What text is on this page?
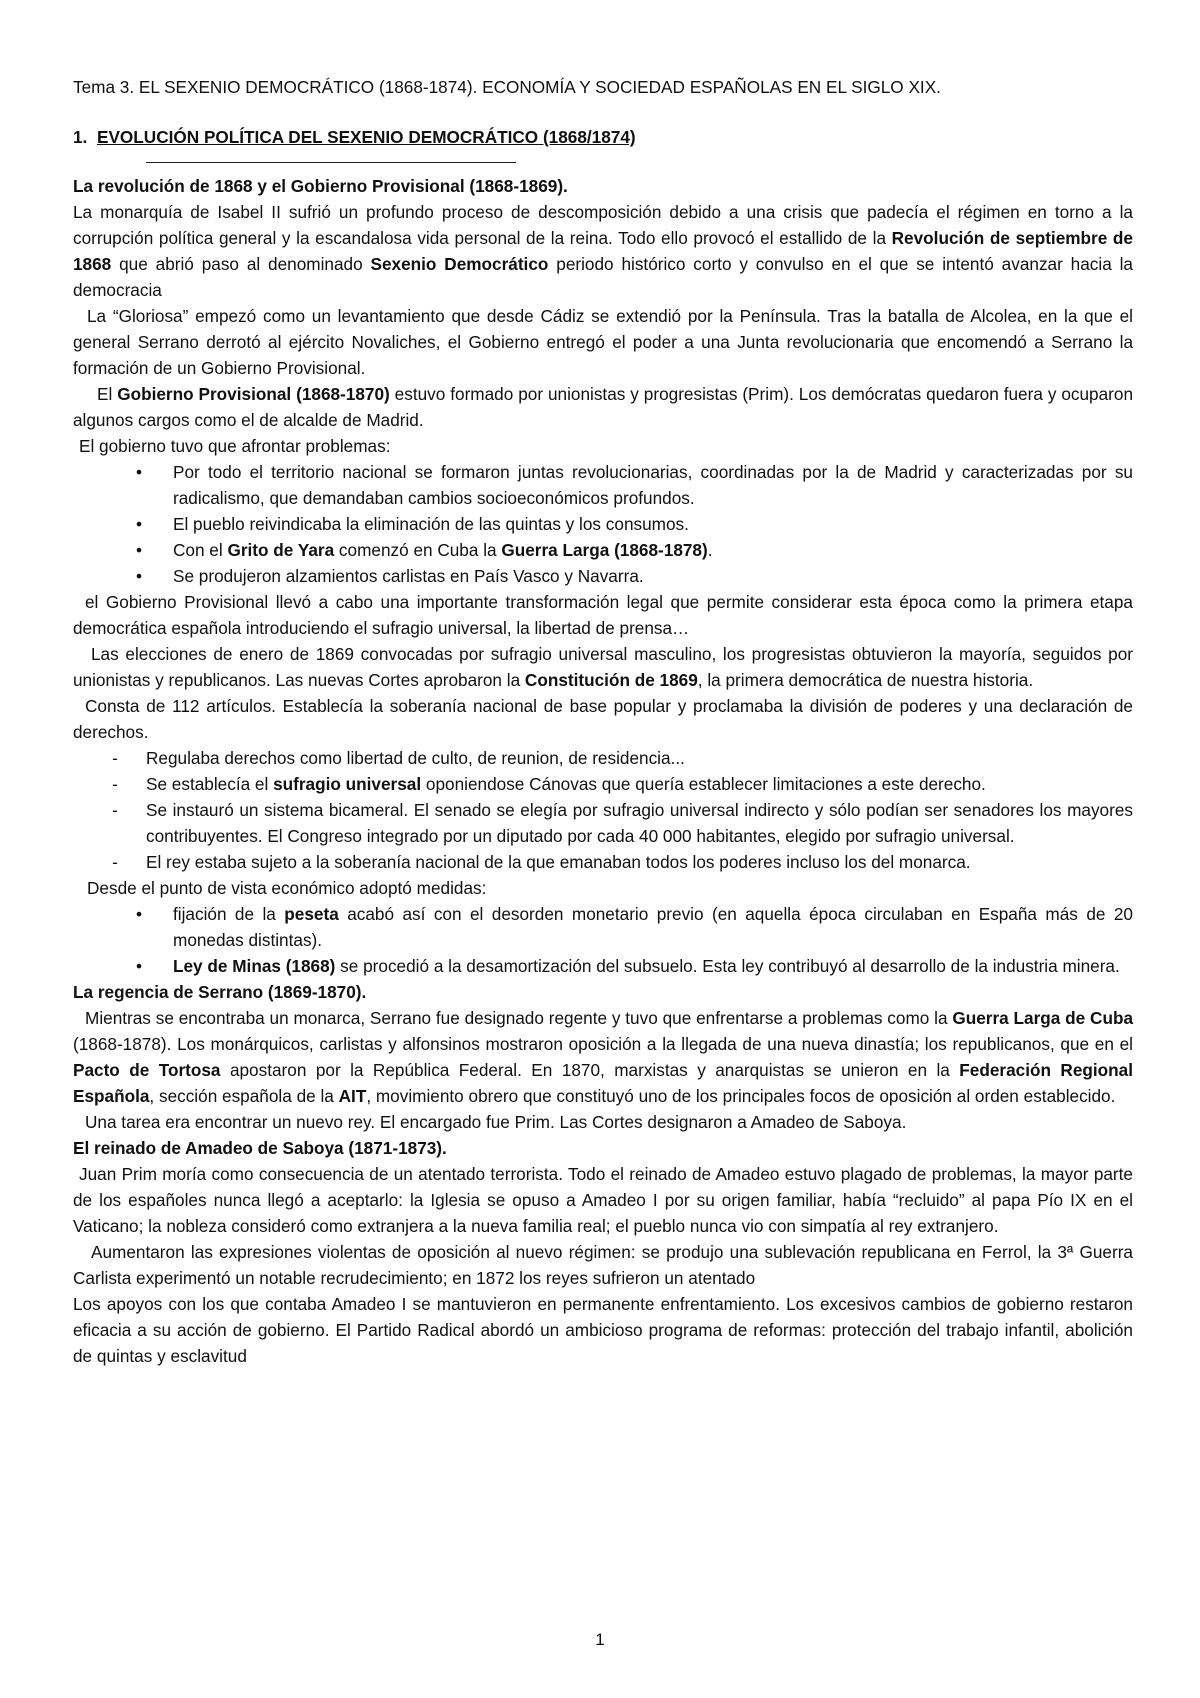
Tema 3. EL SEXENIO DEMOCRÁTICO (1868-1874). ECONOMÍA Y SOCIEDAD ESPAÑOLAS EN EL SIGLO XIX.

1. EVOLUCIÓN POLÍTICA DEL SEXENIO DEMOCRÁTICO (1868/1874)

La revolución de 1868 y el Gobierno Provisional (1868-1869).

La monarquía de Isabel II sufrió un profundo proceso de descomposición debido a una crisis que padecía el régimen en torno a la corrupción política general y la escandalosa vida personal de la reina. Todo ello provocó el estallido de la Revolución de septiembre de 1868 que abrió paso al denominado Sexenio Democrático periodo histórico corto y convulso en el que se intentó avanzar hacia la democracia

La “Gloriosa” empezó como un levantamiento que desde Cádiz se extendió por la Península. Tras la batalla de Alcolea, en la que el general Serrano derrotó al ejército Novaliches, el Gobierno entregó el poder a una Junta revolucionaria que encomendó a Serrano la formación de un Gobierno Provisional.

El Gobierno Provisional (1868-1870) estuvo formado por unionistas y progresistas (Prim). Los demócratas quedaron fuera y ocuparon algunos cargos como el de alcalde de Madrid.

El gobierno tuvo que afrontar problemas:

•	Por todo el territorio nacional se formaron juntas revolucionarias, coordinadas por la de Madrid y caracterizadas por su radicalismo, que demandaban cambios socioeconómicos profundos.
•	El pueblo reivindicaba la eliminación de las quintas y los consumos.
•	Con el Grito de Yara comenzó en Cuba la Guerra Larga (1868-1878).
•	Se produjeron alzamientos carlistas en País Vasco y Navarra.

el Gobierno Provisional llevó a cabo una importante transformación legal que permite considerar esta época como la primera etapa democrática española introduciendo el sufragio universal, la libertad de prensa…

Las elecciones de enero de 1869 convocadas por sufragio universal masculino, los progresistas obtuvieron la mayoría, seguidos por unionistas y republicanos. Las nuevas Cortes aprobaron la Constitución de 1869, la primera democrática de nuestra historia.

Consta de 112 artículos. Establecía la soberanía nacional de base popular y proclamaba la división de poderes y una declaración de derechos.

-	Regulaba derechos como libertad de culto, de reunion, de residencia...
-	Se establecía el sufragio universal oponiendose Cánovas que quería establecer limitaciones a este derecho.
-	Se instauró un sistema bicameral. El senado se elegía por sufragio universal indirecto y sólo podían ser senadores los mayores contribuyentes. El Congreso integrado por un diputado por cada 40 000 habitantes, elegido por sufragio universal.
-	El rey estaba sujeto a la soberanía nacional de la que emanaban todos los poderes incluso los del monarca.

Desde el punto de vista económico adoptó medidas:

•	fijación de la peseta acabó así con el desorden monetario previo (en aquella época circulaban en España más de 20 monedas distintas).
•	Ley de Minas (1868) se procedió a la desamortización del subsuelo. Esta ley contribuyó al desarrollo de la industria minera.

La regencia de Serrano (1869-1870).

Mientras se encontraba un monarca, Serrano fue designado regente y tuvo que enfrentarse a problemas como la Guerra Larga de Cuba (1868-1878). Los monárquicos, carlistas y alfonsinos mostraron oposición a la llegada de una nueva dinastía; los republicanos, que en el Pacto de Tortosa apostaron por la República Federal. En 1870, marxistas y anarquistas se unieron en la Federación Regional Española, sección española de la AIT, movimiento obrero que constituyó uno de los principales focos de oposición al orden establecido.

Una tarea era encontrar un nuevo rey. El encargado fue Prim. Las Cortes designaron a Amadeo de Saboya.

El reinado de Amadeo de Saboya (1871-1873).

Juan Prim moría como consecuencia de un atentado terrorista. Todo el reinado de Amadeo estuvo plagado de problemas, la mayor parte de los españoles nunca llegó a aceptarlo: la Iglesia se opuso a Amadeo I por su origen familiar, había “recluido” al papa Pío IX en el Vaticano; la nobleza consideró como extranjera a la nueva familia real; el pueblo nunca vio con simpatía al rey extranjero.

Aumentaron las expresiones violentas de oposición al nuevo régimen: se produjo una sublevación republicana en Ferrol, la 3ª Guerra Carlista experimentó un notable recrudecimiento; en 1872 los reyes sufrieron un atentado

Los apoyos con los que contaba Amadeo I se mantuvieron en permanente enfrentamiento. Los excesivos cambios de gobierno restaron eficacia a su acción de gobierno. El Partido Radical abordó un ambicioso programa de reformas: protección del trabajo infantil, abolición de quintas y esclavitud

1
